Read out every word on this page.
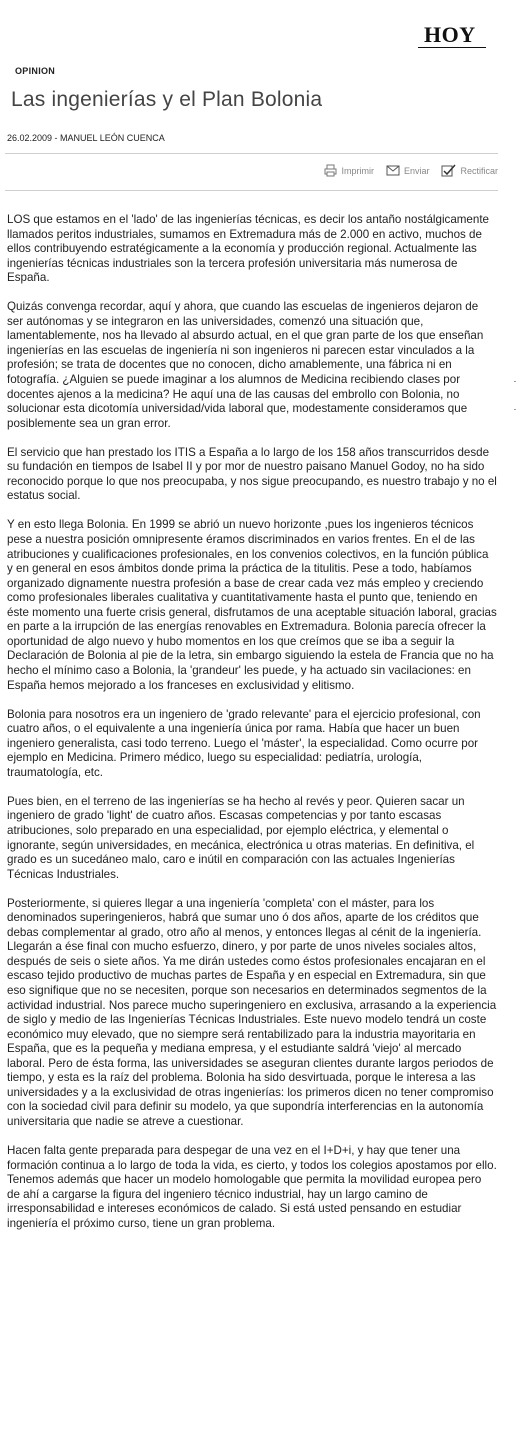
HOY
OPINION
Las ingenierías y el Plan Bolonia
26.02.2009 - MANUEL LEÓN CUENCA
Imprimir	Enviar	Rectificar

LOS que estamos en el 'lado' de las ingenierías técnicas, es decir los antaño nostálgicamente llamados peritos industriales, sumamos en Extremadura más de 2.000 en activo, muchos de ellos contribuyendo estratégicamente a la economía y producción regional. Actualmente las ingenierías técnicas industriales son la tercera profesión universitaria más numerosa de España.

Quizás convenga recordar, aquí y ahora, que cuando las escuelas de ingenieros dejaron de ser autónomas y se integraron en las universidades, comenzó una situación que, lamentablemente, nos ha llevado al absurdo actual, en el que gran parte de los que enseñan ingenierías en las escuelas de ingeniería ni son ingenieros ni parecen estar vinculados a la profesión; se trata de docentes que no conocen, dicho amablemente, una fábrica ni en fotografía. ¿Alguien se puede imaginar a los alumnos de Medicina recibiendo clases por docentes ajenos a la medicina? He aquí una de las causas del embrollo con Bolonia, no solucionar esta dicotomía universidad/vida laboral que, modestamente consideramos que posiblemente sea un gran error.

El servicio que han prestado los ITIS a España a lo largo de los 158 años transcurridos desde su fundación en tiempos de Isabel II y por mor de nuestro paisano Manuel Godoy, no ha sido reconocido porque lo que nos preocupaba, y nos sigue preocupando, es nuestro trabajo y no el estatus social.

Y en esto llega Bolonia. En 1999 se abrió un nuevo horizonte ,pues los ingenieros técnicos pese a nuestra posición omnipresente éramos discriminados en varios frentes. En el de las atribuciones y cualificaciones profesionales, en los convenios colectivos, en la función pública y en general en esos ámbitos donde prima la práctica de la titulitis. Pese a todo, habíamos organizado dignamente nuestra profesión a base de crear cada vez más empleo y creciendo como profesionales liberales cualitativa y cuantitativamente hasta el punto que, teniendo en éste momento una fuerte crisis general, disfrutamos de una aceptable situación laboral, gracias en parte a la irrupción de las energías renovables en Extremadura. Bolonia parecía ofrecer la oportunidad de algo nuevo y hubo momentos en los que creímos que se iba a seguir la Declaración de Bolonia al pie de la letra, sin embargo siguiendo la estela de Francia que no ha hecho el mínimo caso a Bolonia, la 'grandeur' les puede, y ha actuado sin vacilaciones: en España hemos mejorado a los franceses en exclusividad y elitismo.

Bolonia para nosotros era un ingeniero de 'grado relevante' para el ejercicio profesional, con cuatro años, o el equivalente a una ingeniería única por rama. Había que hacer un buen ingeniero generalista, casi todo terreno. Luego el 'máster', la especialidad. Como ocurre por ejemplo en Medicina. Primero médico, luego su especialidad: pediatría, urología, traumatología, etc.

Pues bien, en el terreno de las ingenierías se ha hecho al revés y peor. Quieren sacar un ingeniero de grado 'light' de cuatro años. Escasas competencias y por tanto escasas atribuciones, solo preparado en una especialidad, por ejemplo eléctrica, y elemental o ignorante, según universidades, en mecánica, electrónica u otras materias. En definitiva, el grado es un sucedáneo malo, caro e inútil en comparación con las actuales Ingenierías Técnicas Industriales.

Posteriormente, si quieres llegar a una ingeniería 'completa' con el máster, para los denominados superingenieros, habrá que sumar uno ó dos años, aparte de los créditos que debas complementar al grado, otro año al menos, y entonces llegas al cénit de la ingeniería. Llegarán a ése final con mucho esfuerzo, dinero, y por parte de unos niveles sociales altos, después de seis o siete años. Ya me dirán ustedes como éstos profesionales encajaran en el escaso tejido productivo de muchas partes de España y en especial en Extremadura, sin que eso signifique que no se necesiten, porque son necesarios en determinados segmentos de la actividad industrial. Nos parece mucho superingeniero en exclusiva, arrasando a la experiencia de siglo y medio de las Ingenierías Técnicas Industriales. Este nuevo modelo tendrá un coste económico muy elevado, que no siempre será rentabilizado para la industria mayoritaria en España, que es la pequeña y mediana empresa, y el estudiante saldrá 'viejo' al mercado laboral. Pero de ésta forma, las universidades se aseguran clientes durante largos periodos de tiempo, y esta es la raíz del problema. Bolonia ha sido desvirtuada, porque le interesa a las universidades y a la exclusividad de otras ingenierías: los primeros dicen no tener compromiso con la sociedad civil para definir su modelo, ya que supondría interferencias en la autonomía universitaria que nadie se atreve a cuestionar.

Hacen falta gente preparada para despegar de una vez en el I+D+i, y hay que tener una formación continua a lo largo de toda la vida, es cierto, y todos los colegios apostamos por ello. Tenemos además que hacer un modelo homologable que permita la movilidad europea pero de ahí a cargarse la figura del ingeniero técnico industrial, hay un largo camino de irresponsabilidad e intereses económicos de calado. Si está usted pensando en estudiar ingeniería el próximo curso, tiene un gran problema.
